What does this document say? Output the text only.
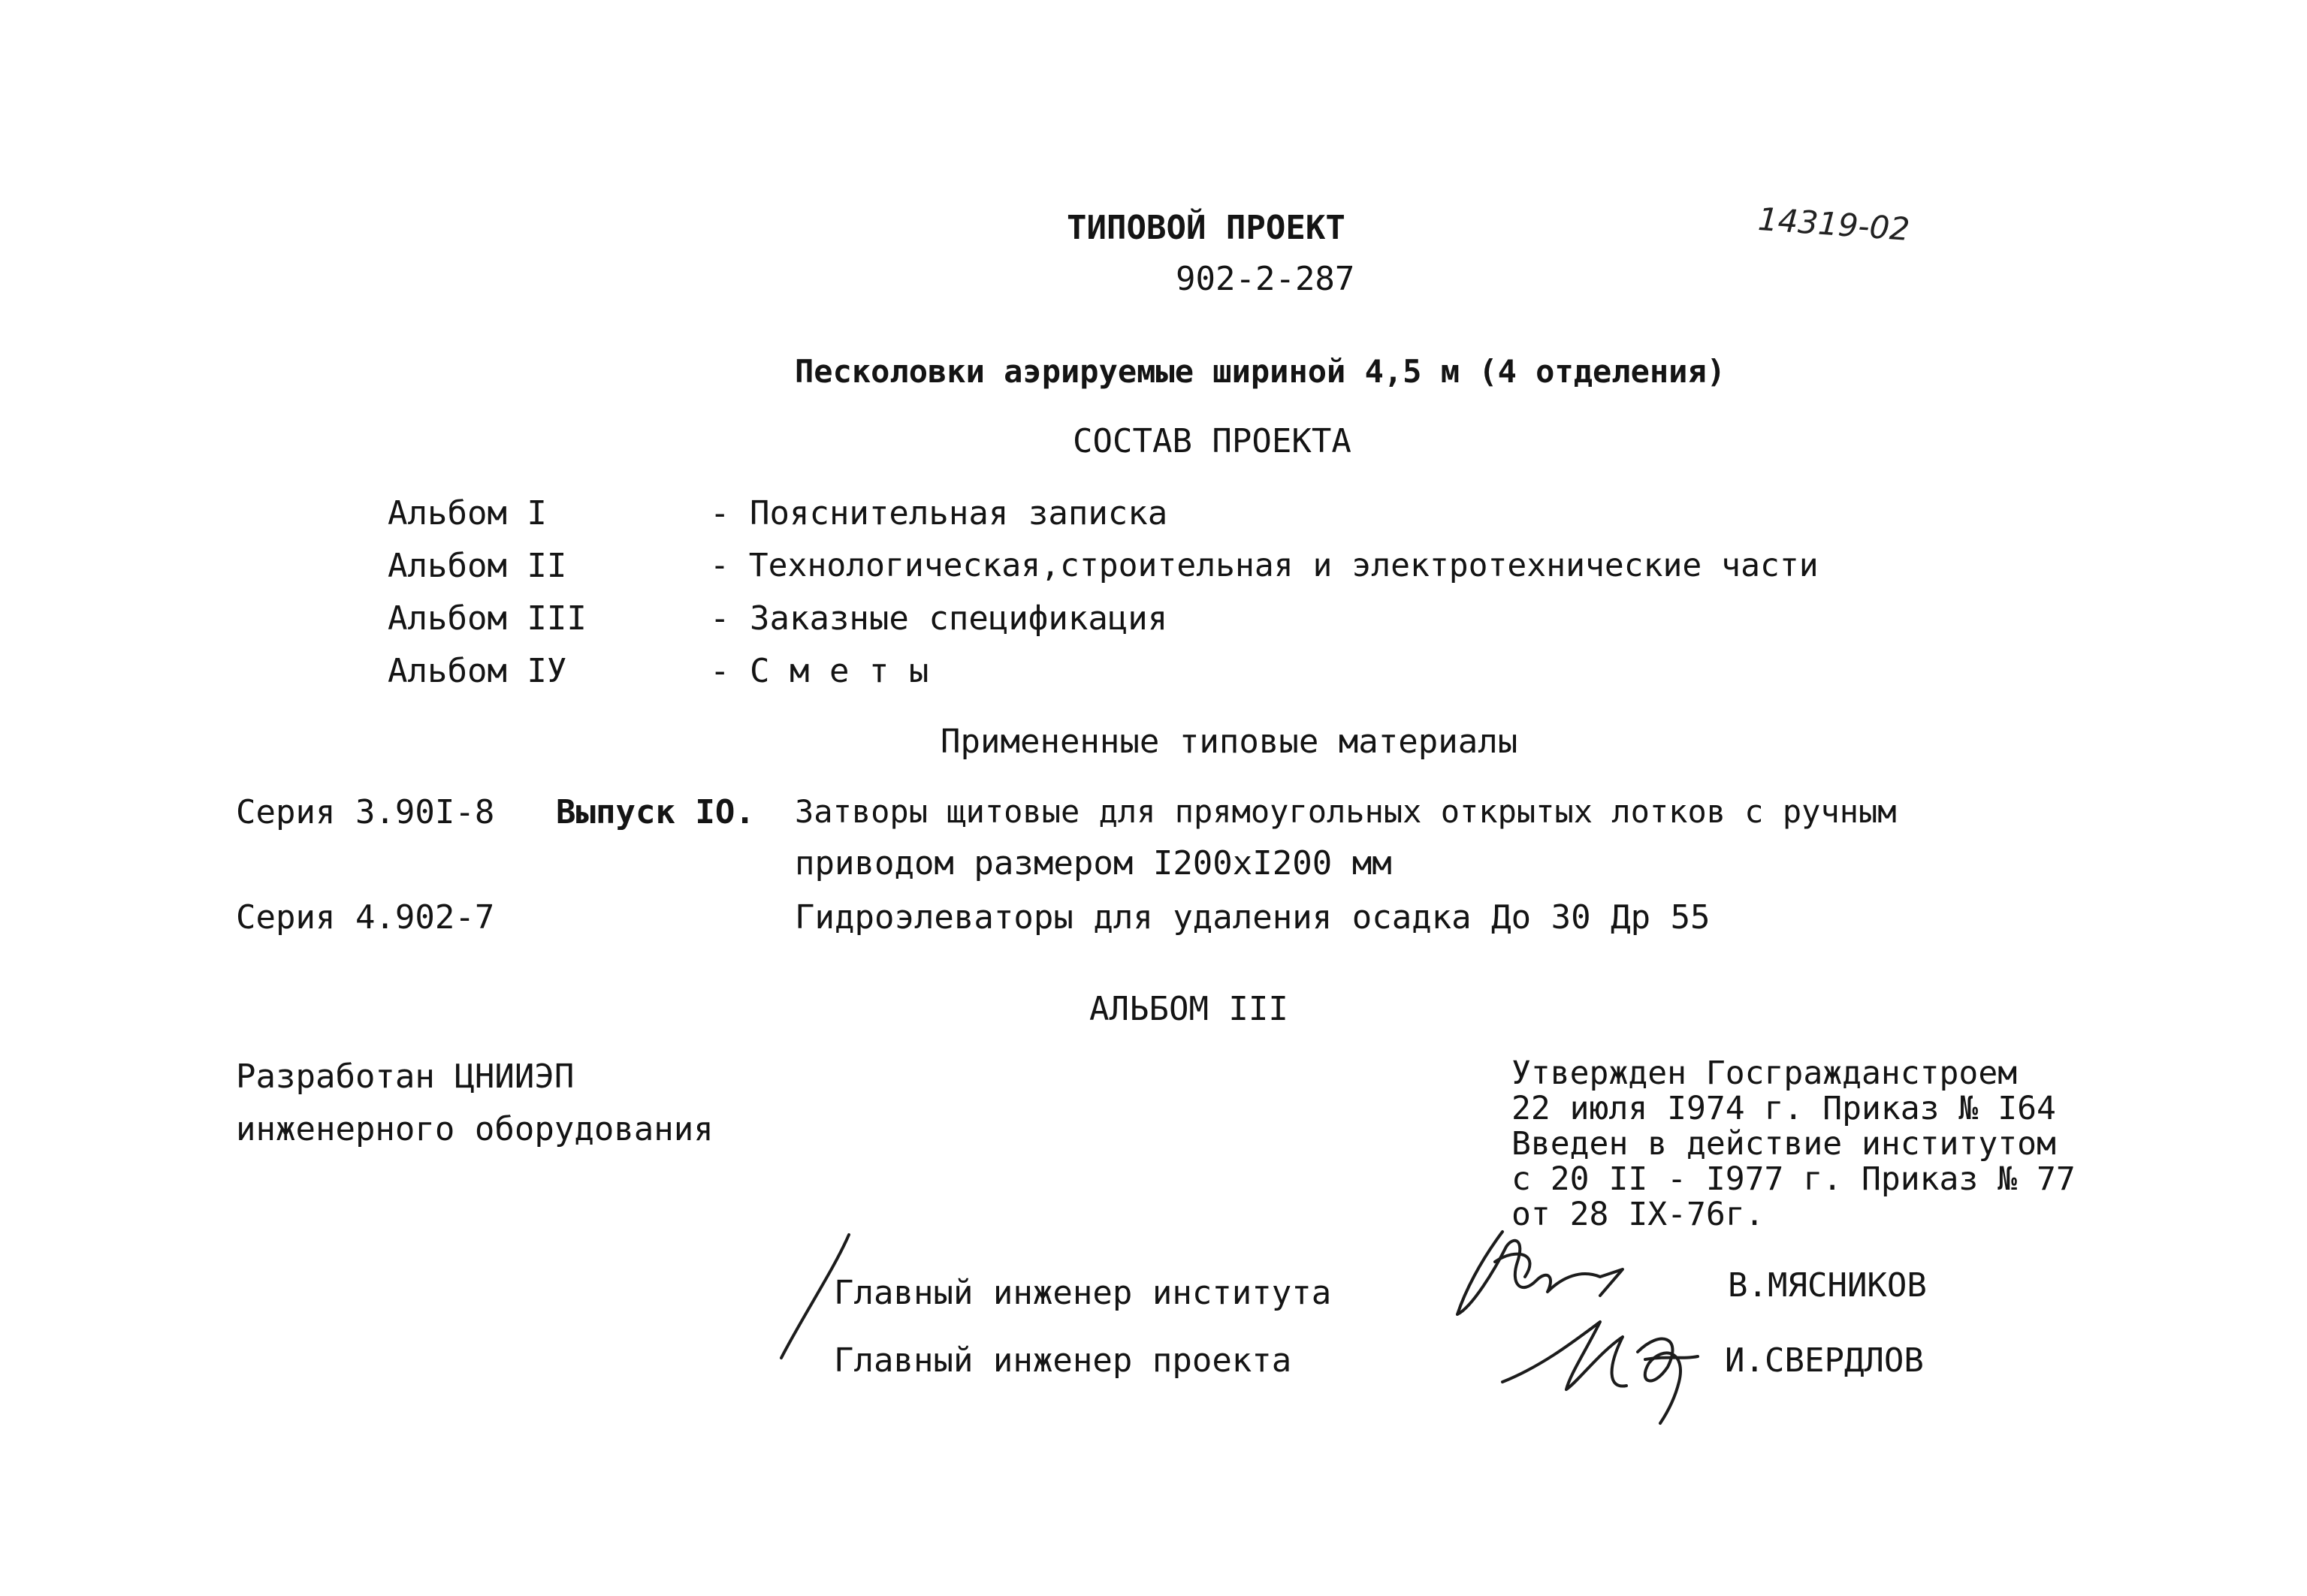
ТИПОВОЙ ПРОЕКТ
902-2-287
14319-02
Песколовки аэрируемые шириной 4,5 м (4 отделения)
СОСТАВ ПРОЕКТА
Альбом I	- Пояснительная записка
Альбом II	- Технологическая,строительная и электротехнические части
Альбом III	- Заказные спецификация
Альбом IУ	- С м е т ы
Примененные типовые материалы
Серия 3.90I-8 Выпуск IO. Затворы щитовые для прямоугольных открытых лотков с ручным
приводом размером I200хI200 мм
Серия 4.902-7	Гидроэлеваторы для удаления осадка До 30 Др 55
АЛЬБОМ III
Разработан ЦНИИЭП
инженерного оборудования
Утвержден Госгражданстроем
22 июля I974 г. Приказ № I64
Введен в действие институтом
с 20 II - I977 г. Приказ № 77
от 28 IX-76г.
Главный инженер института	В.МЯСНИКОВ
Главный инженер проекта	И.СВЕРДЛОВ
